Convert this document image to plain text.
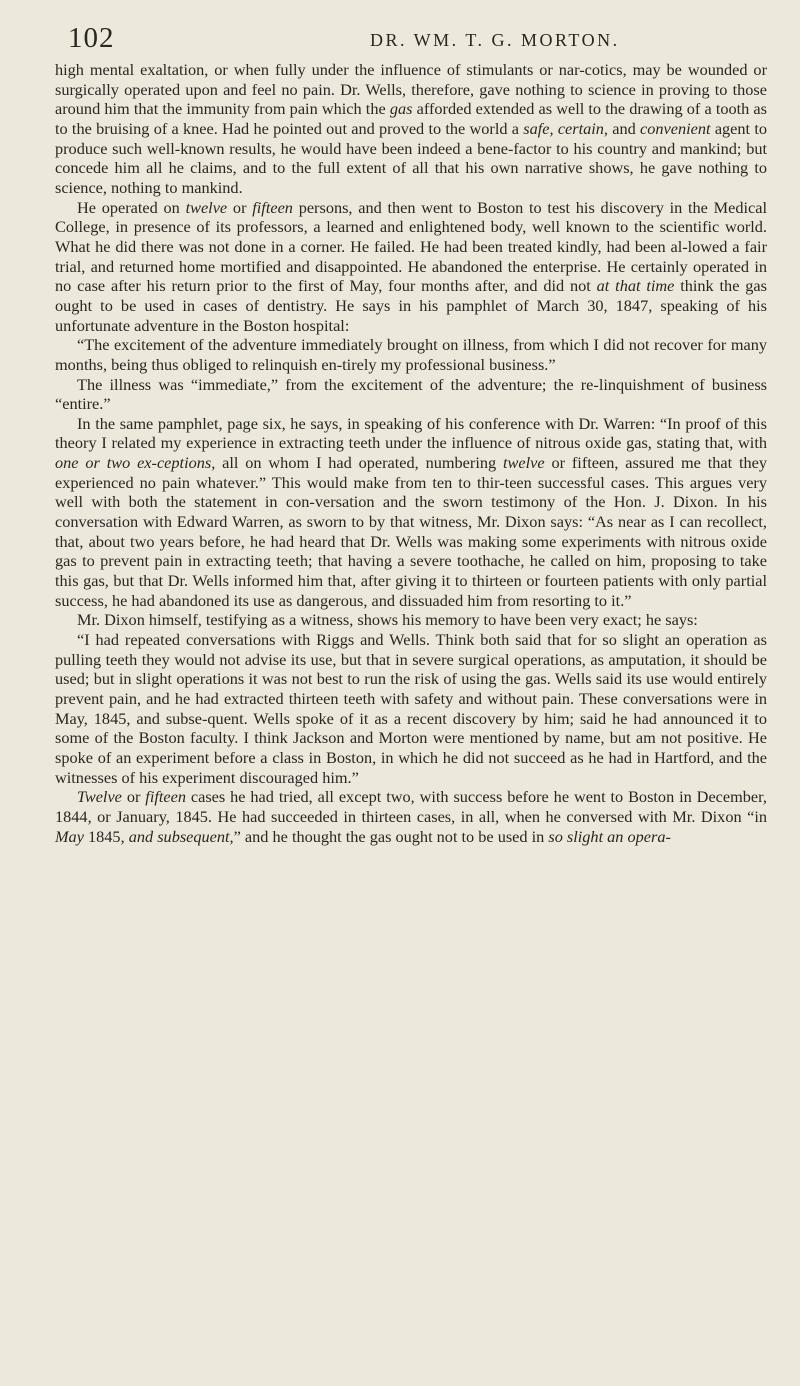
102	DR. WM. T. G. MORTON.

high mental exaltation, or when fully under the influence of stimulants or nar-cotics, may be wounded or surgically operated upon and feel no pain. Dr. Wells, therefore, gave nothing to science in proving to those around him that the immunity from pain which the gas afforded extended as well to the drawing of a tooth as to the bruising of a knee. Had he pointed out and proved to the world a safe, certain, and convenient agent to produce such well-known results, he would have been indeed a bene-factor to his country and mankind; but concede him all he claims, and to the full extent of all that his own narrative shows, he gave nothing to science, nothing to mankind.

He operated on twelve or fifteen persons, and then went to Boston to test his discovery in the Medical College, in presence of its professors, a learned and enlightened body, well known to the scientific world. What he did there was not done in a corner. He failed. He had been treated kindly, had been al-lowed a fair trial, and returned home mortified and disappointed. He abandoned the enterprise. He certainly operated in no case after his return prior to the first of May, four months after, and did not at that time think the gas ought to be used in cases of dentistry. He says in his pamphlet of March 30, 1847, speaking of his unfortunate adventure in the Boston hospital:

“The excitement of the adventure immediately brought on illness, from which I did not recover for many months, being thus obliged to relinquish en-tirely my professional business.”

The illness was “immediate,” from the excitement of the adventure; the re-linquishment of business “entire.”

In the same pamphlet, page six, he says, in speaking of his conference with Dr. Warren: “In proof of this theory I related my experience in extracting teeth under the influence of nitrous oxide gas, stating that, with one or two ex-ceptions, all on whom I had operated, numbering twelve or fifteen, assured me that they experienced no pain whatever.” This would make from ten to thir-teen successful cases. This argues very well with both the statement in con-versation and the sworn testimony of the Hon. J. Dixon. In his conversation with Edward Warren, as sworn to by that witness, Mr. Dixon says: “As near as I can recollect, that, about two years before, he had heard that Dr. Wells was making some experiments with nitrous oxide gas to prevent pain in extracting teeth; that having a severe toothache, he called on him, proposing to take this gas, but that Dr. Wells informed him that, after giving it to thirteen or fourteen patients with only partial success, he had abandoned its use as dangerous, and dissuaded him from resorting to it.”

Mr. Dixon himself, testifying as a witness, shows his memory to have been very exact; he says:

“I had repeated conversations with Riggs and Wells. Think both said that for so slight an operation as pulling teeth they would not advise its use, but that in severe surgical operations, as amputation, it should be used; but in slight operations it was not best to run the risk of using the gas. Wells said its use would entirely prevent pain, and he had extracted thirteen teeth with safety and without pain. These conversations were in May, 1845, and subse-quent. Wells spoke of it as a recent discovery by him; said he had announced it to some of the Boston faculty. I think Jackson and Morton were mentioned by name, but am not positive. He spoke of an experiment before a class in Boston, in which he did not succeed as he had in Hartford, and the witnesses of his experiment discouraged him.”

Twelve or fifteen cases he had tried, all except two, with success before he went to Boston in December, 1844, or January, 1845. He had succeeded in thirteen cases, in all, when he conversed with Mr. Dixon “in May 1845, and subsequent,” and he thought the gas ought not to be used in so slight an opera-
